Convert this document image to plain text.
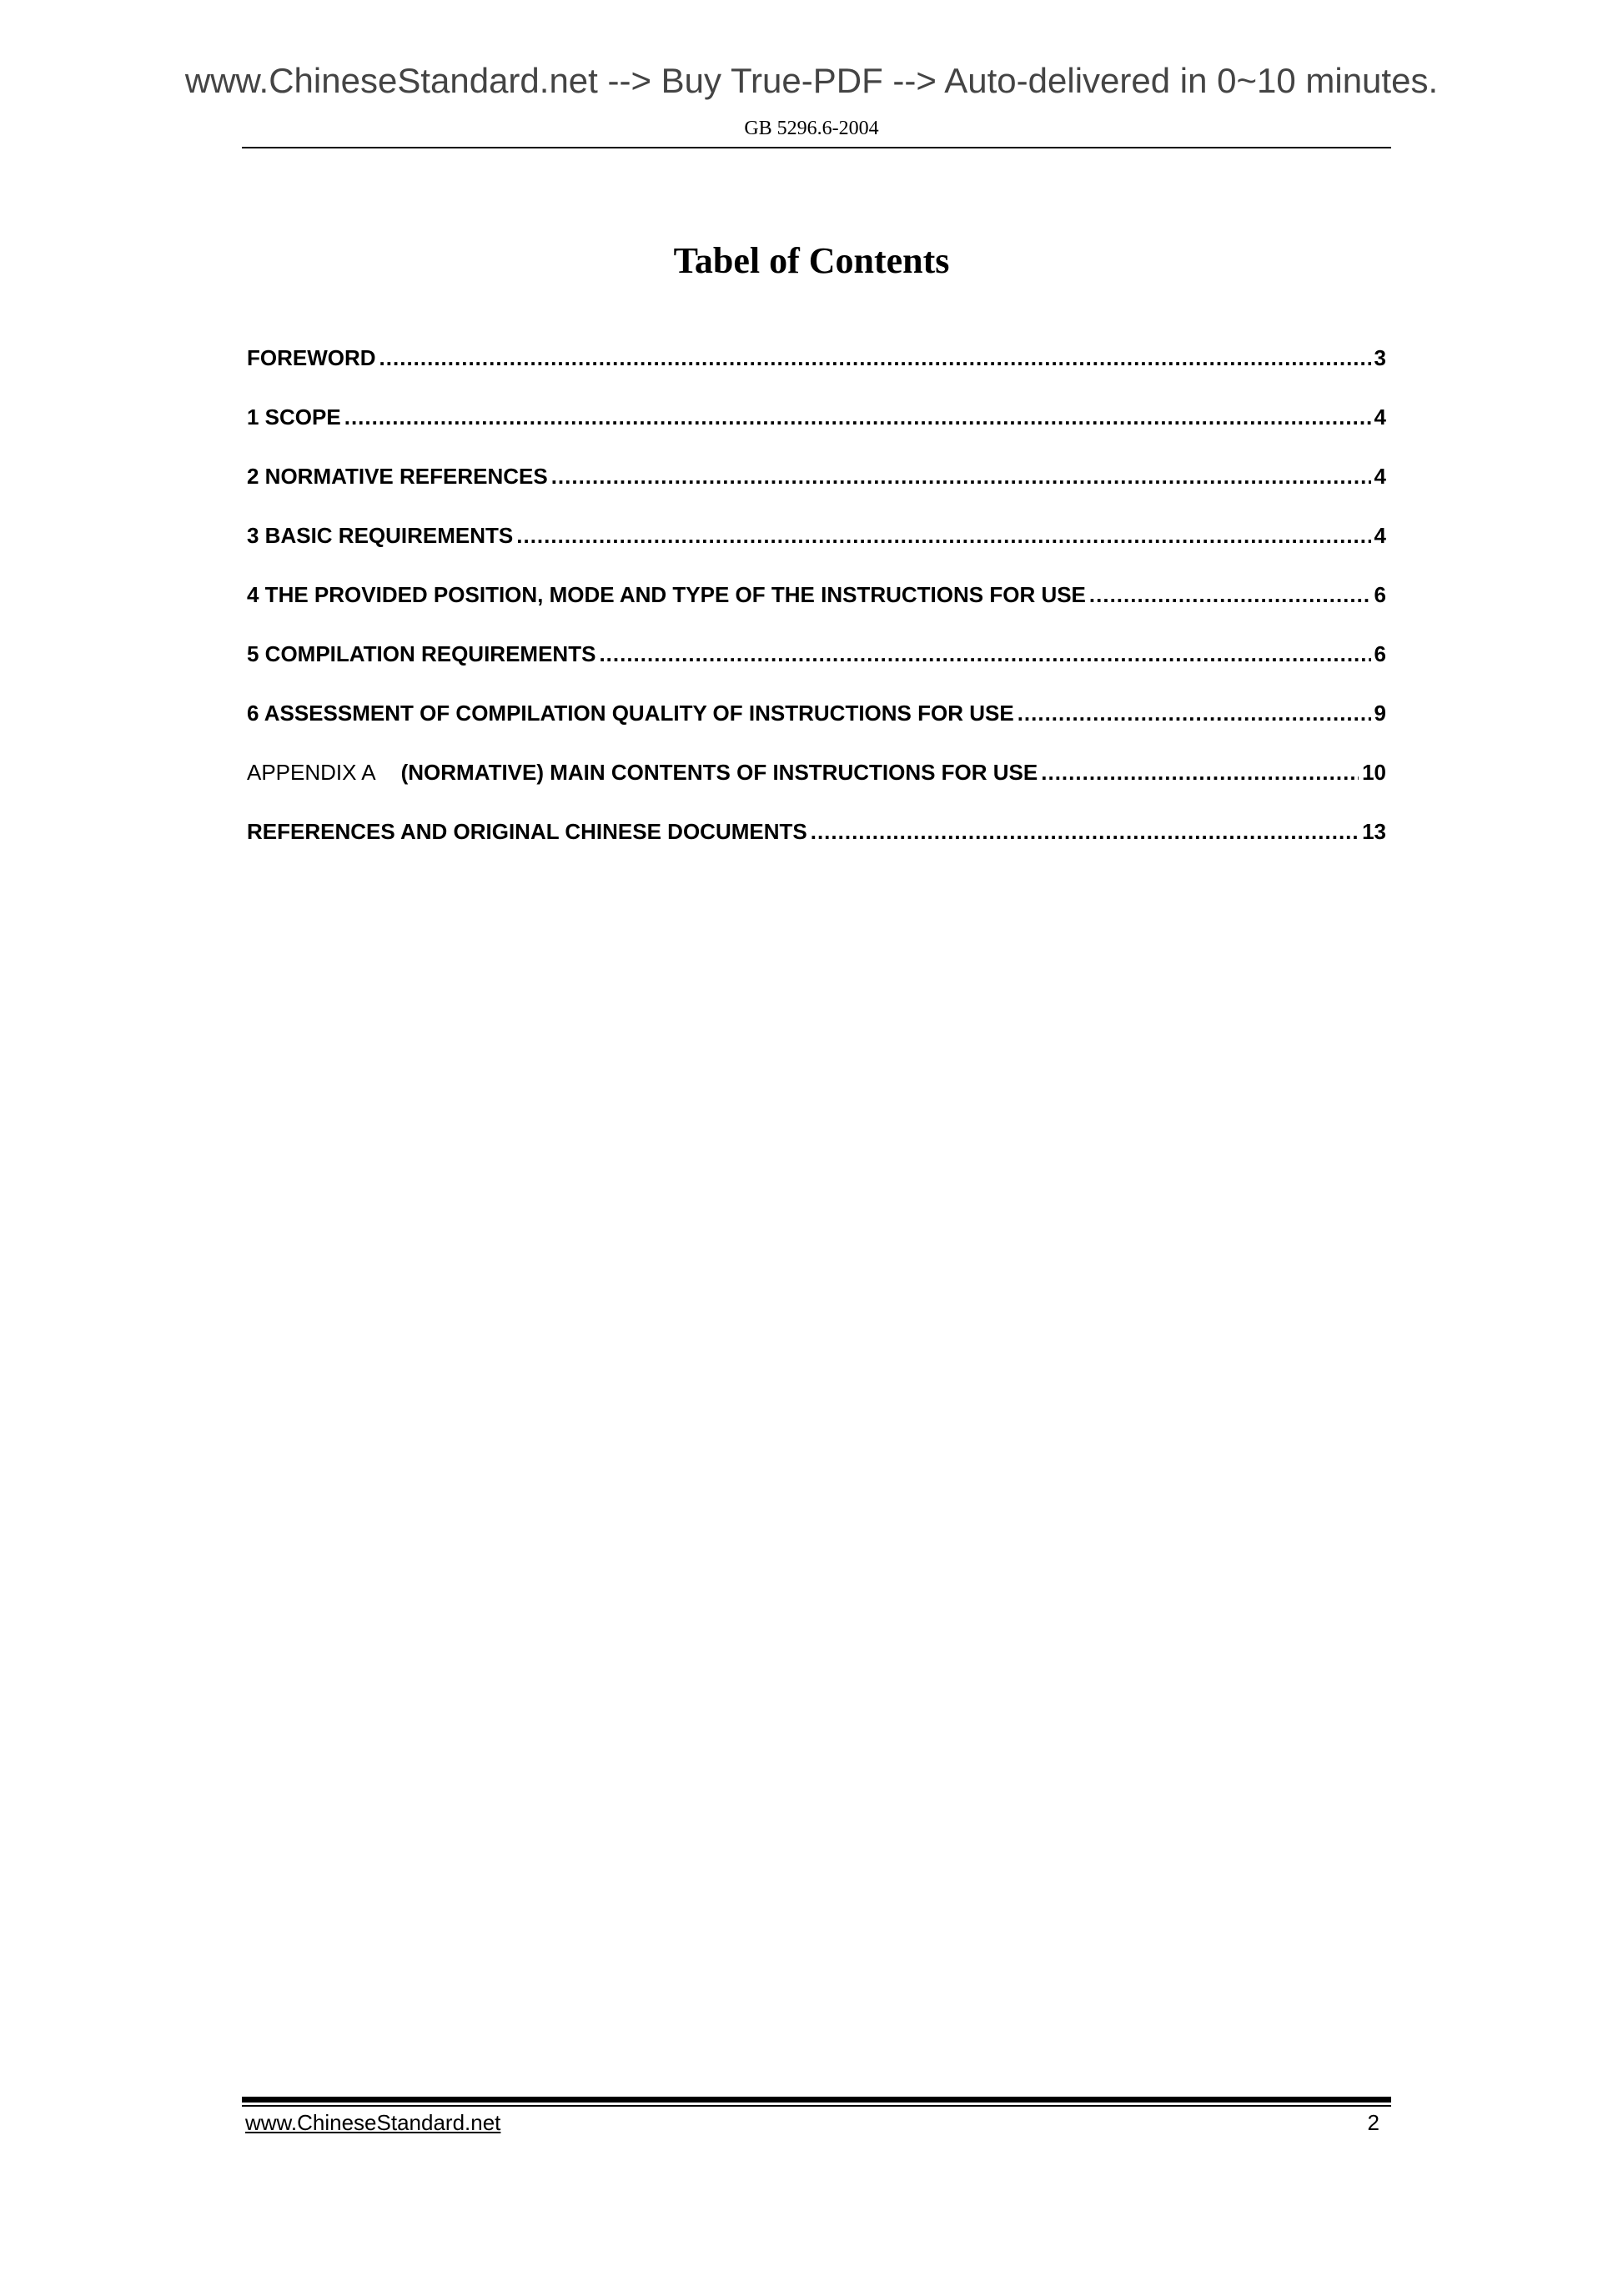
www.ChineseStandard.net --> Buy True-PDF --> Auto-delivered in 0~10 minutes.
GB 5296.6-2004
Tabel of Contents
FOREWORD .....	3
1 SCOPE .....	4
2 NORMATIVE REFERENCES .....	4
3 BASIC REQUIREMENTS .....	4
4 THE PROVIDED POSITION, MODE AND TYPE OF THE INSTRUCTIONS FOR USE .....	6
5 COMPILATION REQUIREMENTS .....	6
6 ASSESSMENT OF COMPILATION QUALITY OF INSTRUCTIONS FOR USE .....	9
APPENDIX A (NORMATIVE) MAIN CONTENTS OF INSTRUCTIONS FOR USE .....	10
REFERENCES AND ORIGINAL CHINESE DOCUMENTS .....	13
www.ChineseStandard.net	2
